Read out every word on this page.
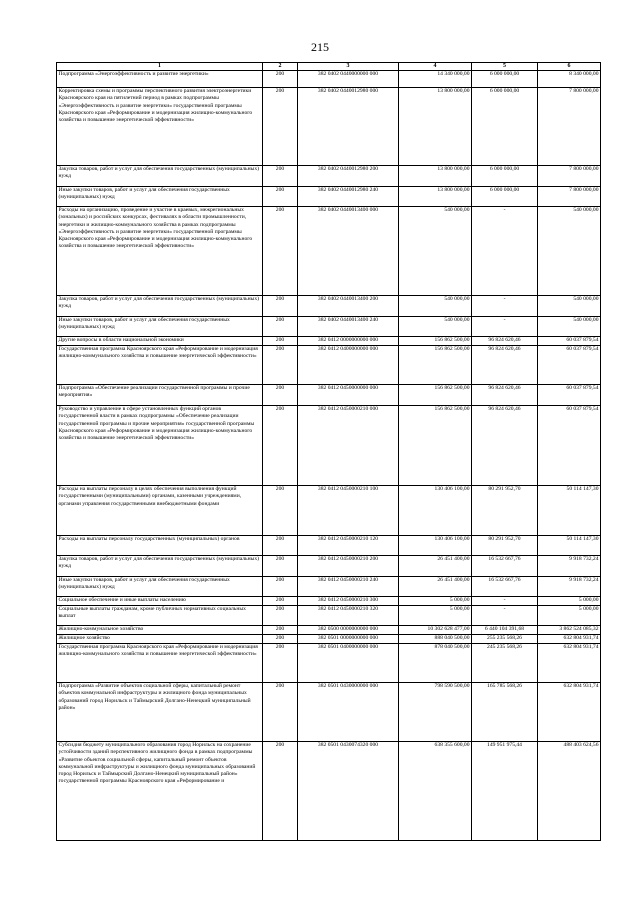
215
1	2	3	4	5	6
Подпрограмма «Энергоэффективность и развитие энергетики»	200	382 0402 0440000000 000	14 340 000,00	6 000 000,00	8 340 000,00
Корректировка схемы и программы перспективного развития электроэнергетики Красноярского края на пятилетний период в рамках подпрограммы «Энергоэффективность и развитие энергетики» государственной программы Красноярского края «Реформирование и модернизация жилищно-коммунального хозяйства и повышение энергетической эффективности»	200	382 0402 0440012980 000	13 800 000,00	6 000 000,00	7 800 000,00
Закупка товаров, работ и услуг для обеспечения государственных (муниципальных) нужд	200	382 0402 0440012980 200	13 800 000,00	6 000 000,00	7 800 000,00
Иные закупки товаров, работ и услуг для обеспечения государственных (муниципальных) нужд	200	382 0402 0440012980 240	13 800 000,00	6 000 000,00	7 800 000,00
Расходы на организацию, проведение и участие в краевых, межрегиональных (зональных) и российских конкурсах, фестивалях в области промышленности, энергетики и жилищно-коммунального хозяйства в рамках подпрограммы «Энергоэффективность и развитие энергетики» государственной программы Красноярского края «Реформирование и модернизация жилищно-коммунального хозяйства и повышение энергетической эффективности»	200	382 0402 0440013400 000	540 000,00	-	540 000,00
Закупка товаров, работ и услуг для обеспечения государственных (муниципальных) нужд	200	382 0402 0440013400 200	540 000,00	-	540 000,00
Иные закупки товаров, работ и услуг для обеспечения государственных (муниципальных) нужд	200	382 0402 0440013400 240	540 000,00	-	540 000,00
Другие вопросы в области национальной экономики	200	382 0412 0000000000 000	156 862 500,00	96 824 620,46	60 037 879,54
Государственная программа Красноярского края «Реформирование и модернизация жилищно-коммунального хозяйства и повышение энергетической эффективности»	200	382 0412 0400000000 000	156 862 500,00	96 824 620,46	60 037 879,54
Подпрограмма «Обеспечение реализации государственной программы и прочие мероприятия»	200	382 0412 0450000000 000	156 862 500,00	96 824 620,46	60 037 879,54
Руководство и управление в сфере установленных функций органов государственной власти в рамках подпрограммы «Обеспечение реализации государственной программы и прочие мероприятия» государственной программы Красноярского края «Реформирование и модернизация жилищно-коммунального хозяйства и повышение энергетической эффективности»	200	382 0412 0450000210 000	156 862 500,00	96 824 620,46	60 037 879,54
Расходы на выплаты персоналу в целях обеспечения выполнения функций государственными (муниципальными) органами, казенными учреждениями, органами управления государственными внебюджетными фондами	200	382 0412 0450000210 100	130 406 100,00	80 291 952,70	50 114 147,30
Расходы на выплаты персоналу государственных (муниципальных) органов	200	382 0412 0450000210 120	130 406 100,00	80 291 952,70	50 114 147,30
Закупка товаров, работ и услуг для обеспечения государственных (муниципальных) нужд	200	382 0412 0450000210 200	26 451 400,00	16 532 667,76	9 918 732,24
Иные закупки товаров, работ и услуг для обеспечения государственных (муниципальных) нужд	200	382 0412 0450000210 240	26 451 400,00	16 532 667,76	9 918 732,24
Социальное обеспечение и иные выплаты населению	200	382 0412 0450000210 300	5 000,00	-	5 000,00
Социальные выплаты гражданам, кроме публичных нормативных социальных выплат	200	382 0412 0450000210 320	5 000,00	-	5 000,00
Жилищно-коммунальное хозяйство	200	382 0500 0000000000 000	10 302 628 477,00	6 440 104 391,68	3 862 524 085,32
Жилищное хозяйство	200	382 0501 0000000000 000	888 040 500,00	255 235 568,26	632 804 931,74
Государственная программа Красноярского края «Реформирование и модернизация жилищно-коммунального хозяйства и повышение энергетической эффективности»	200	382 0501 0400000000 000	878 040 500,00	245 235 568,26	632 804 931,74
Подпрограмма «Развитие объектов социальной сферы, капитальный ремонт объектов коммунальной инфраструктуры и жилищного фонда муниципальных образований город Норильск и Таймырский Долгано-Ненецкий муниципальный район»	200	382 0501 0430000000 000	798 590 500,00	165 785 568,26	632 804 931,74
Субсидия бюджету муниципального образования город Норильск на сохранение устойчивости зданий перспективного жилищного фонда в рамках подпрограммы «Развитие объектов социальной сферы, капитальный ремонт объектов коммунальной инфраструктуры и жилищного фонда муниципальных образований город Норильск и Таймырский Долгано-Ненецкий муниципальный район» государственной программы Красноярского края «Реформирование и	200	382 0501 0430074320 000	638 355 600,00	149 951 975,44	488 403 624,56
